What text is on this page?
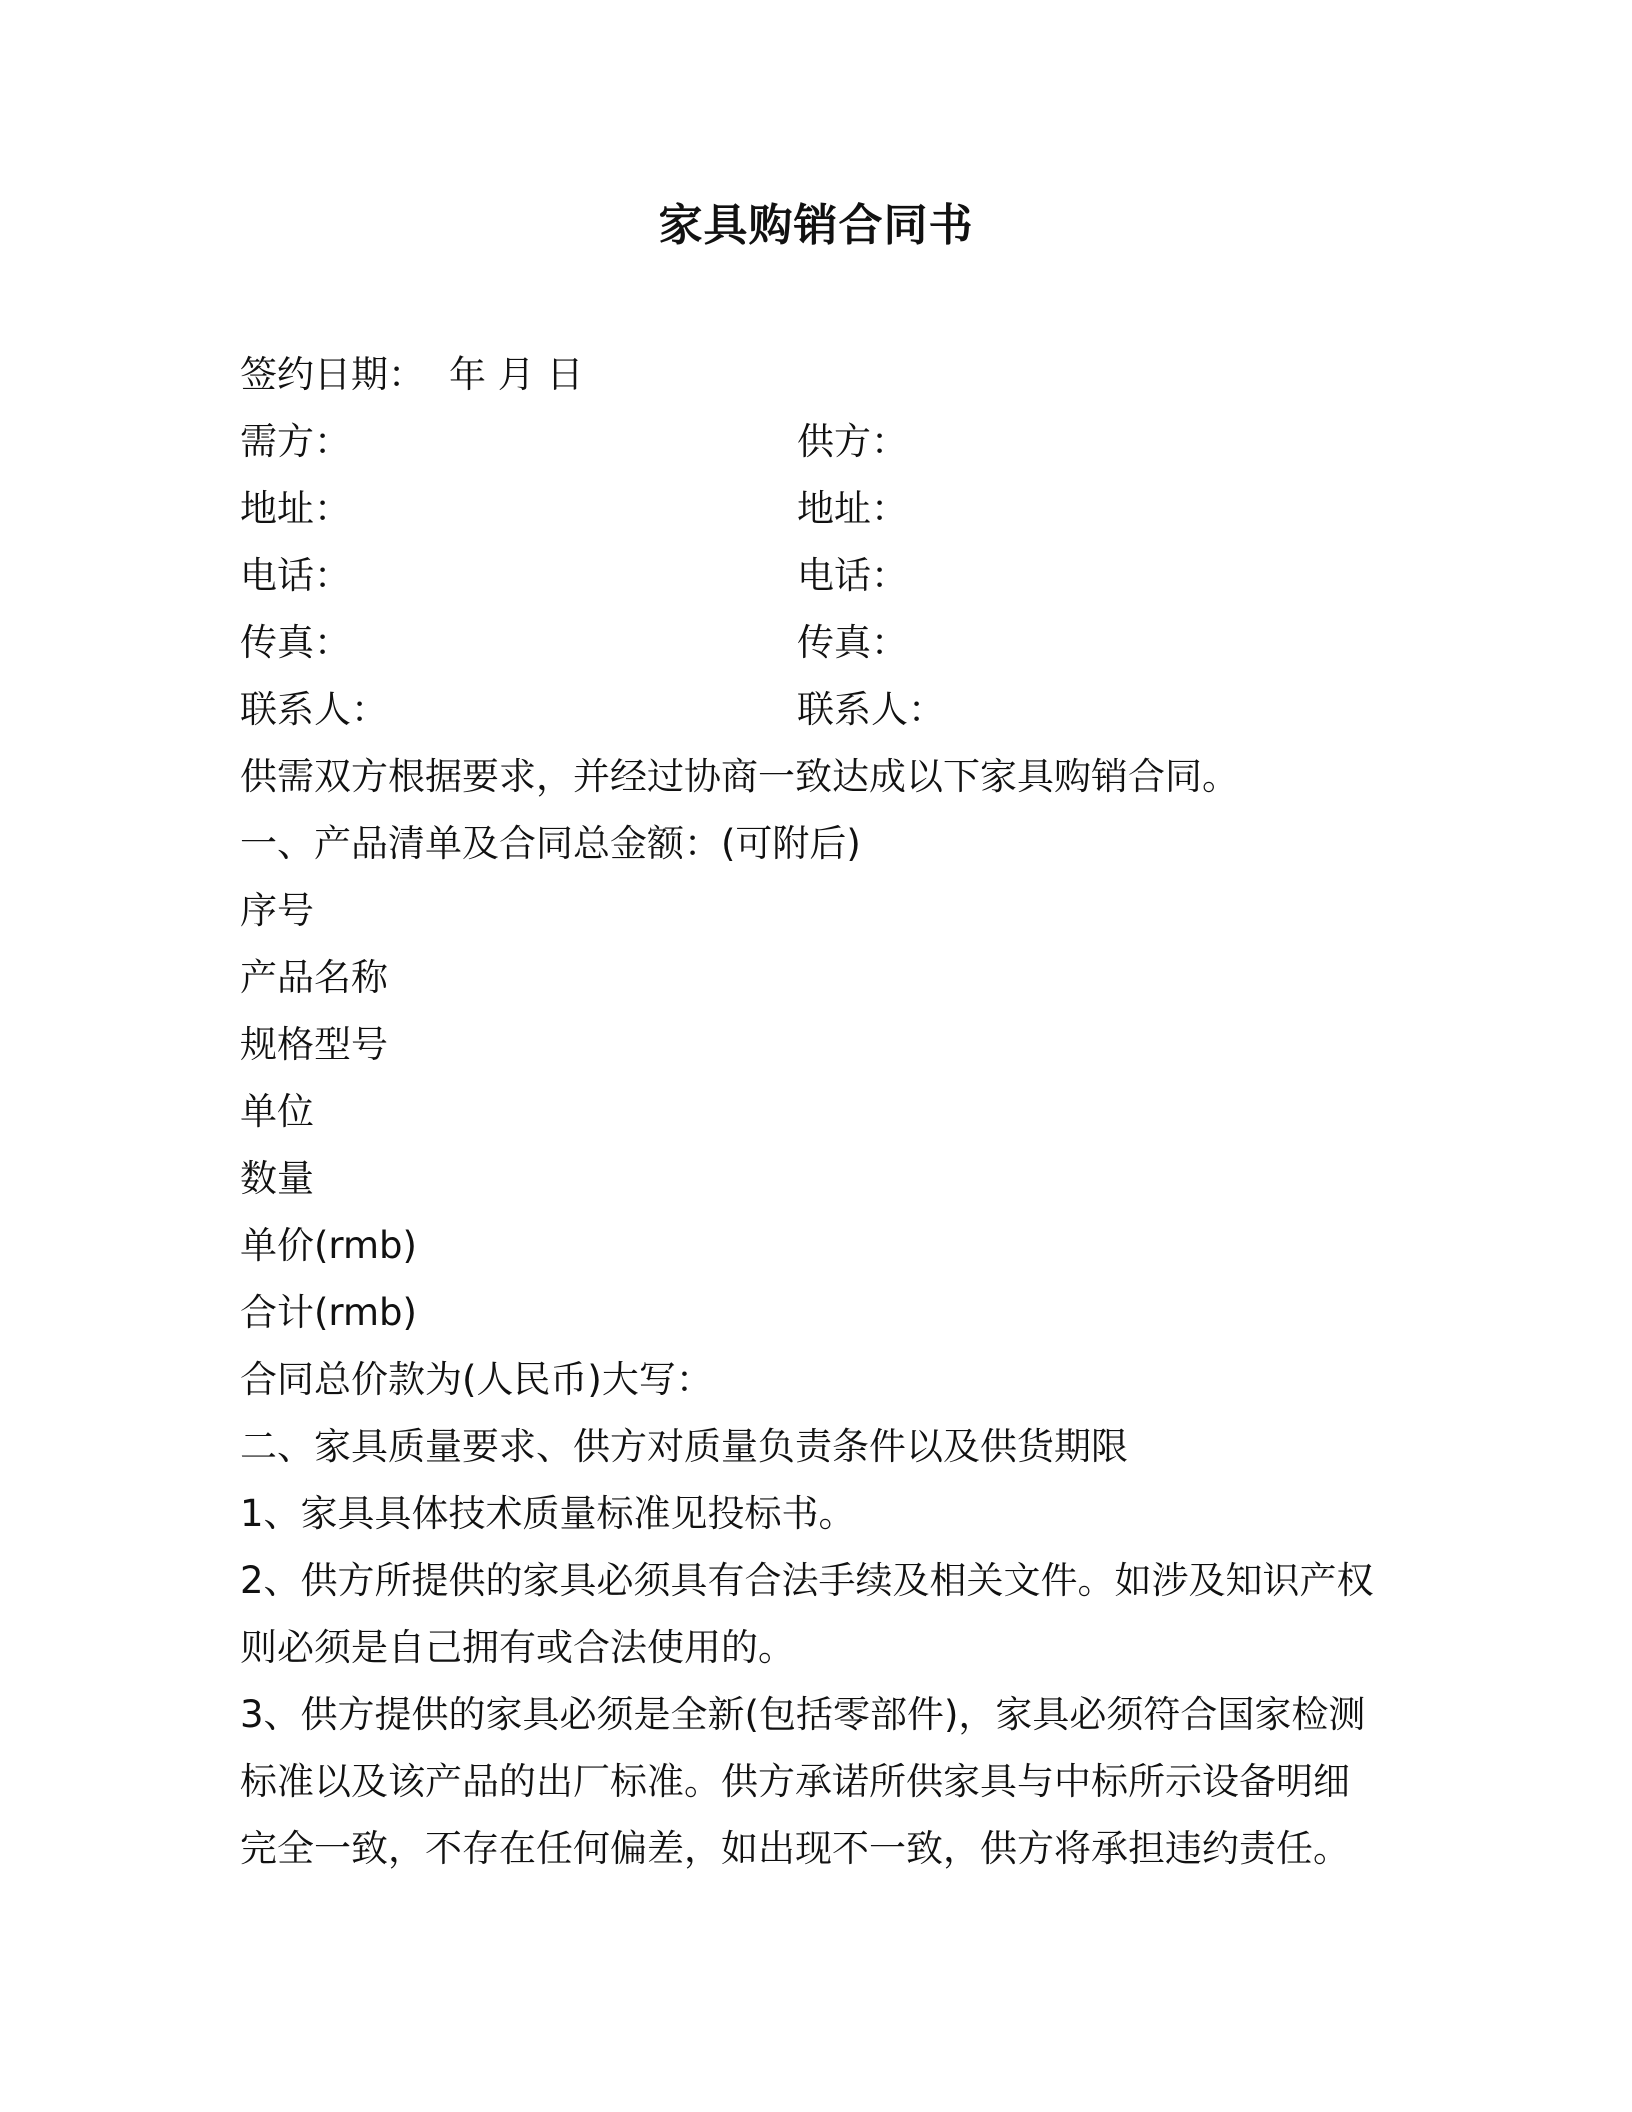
家具购销合同书
签约日期： 年 月 日
需方：	供方：
地址：	地址：
电话：	电话：
传真：	传真：
联系人：	联系人：
供需双方根据要求，并经过协商一致达成以下家具购销合同。
一、产品清单及合同总金额：(可附后)
序号
产品名称
规格型号
单位
数量
单价(rmb)
合计(rmb)
合同总价款为(人民币)大写：
二、家具质量要求、供方对质量负责条件以及供货期限
1、家具具体技术质量标准见投标书。
2、供方所提供的家具必须具有合法手续及相关文件。如涉及知识产权
则必须是自己拥有或合法使用的。
3、供方提供的家具必须是全新(包括零部件)，家具必须符合国家检测
标准以及该产品的出厂标准。供方承诺所供家具与中标所示设备明细
完全一致，不存在任何偏差，如出现不一致，供方将承担违约责任。
